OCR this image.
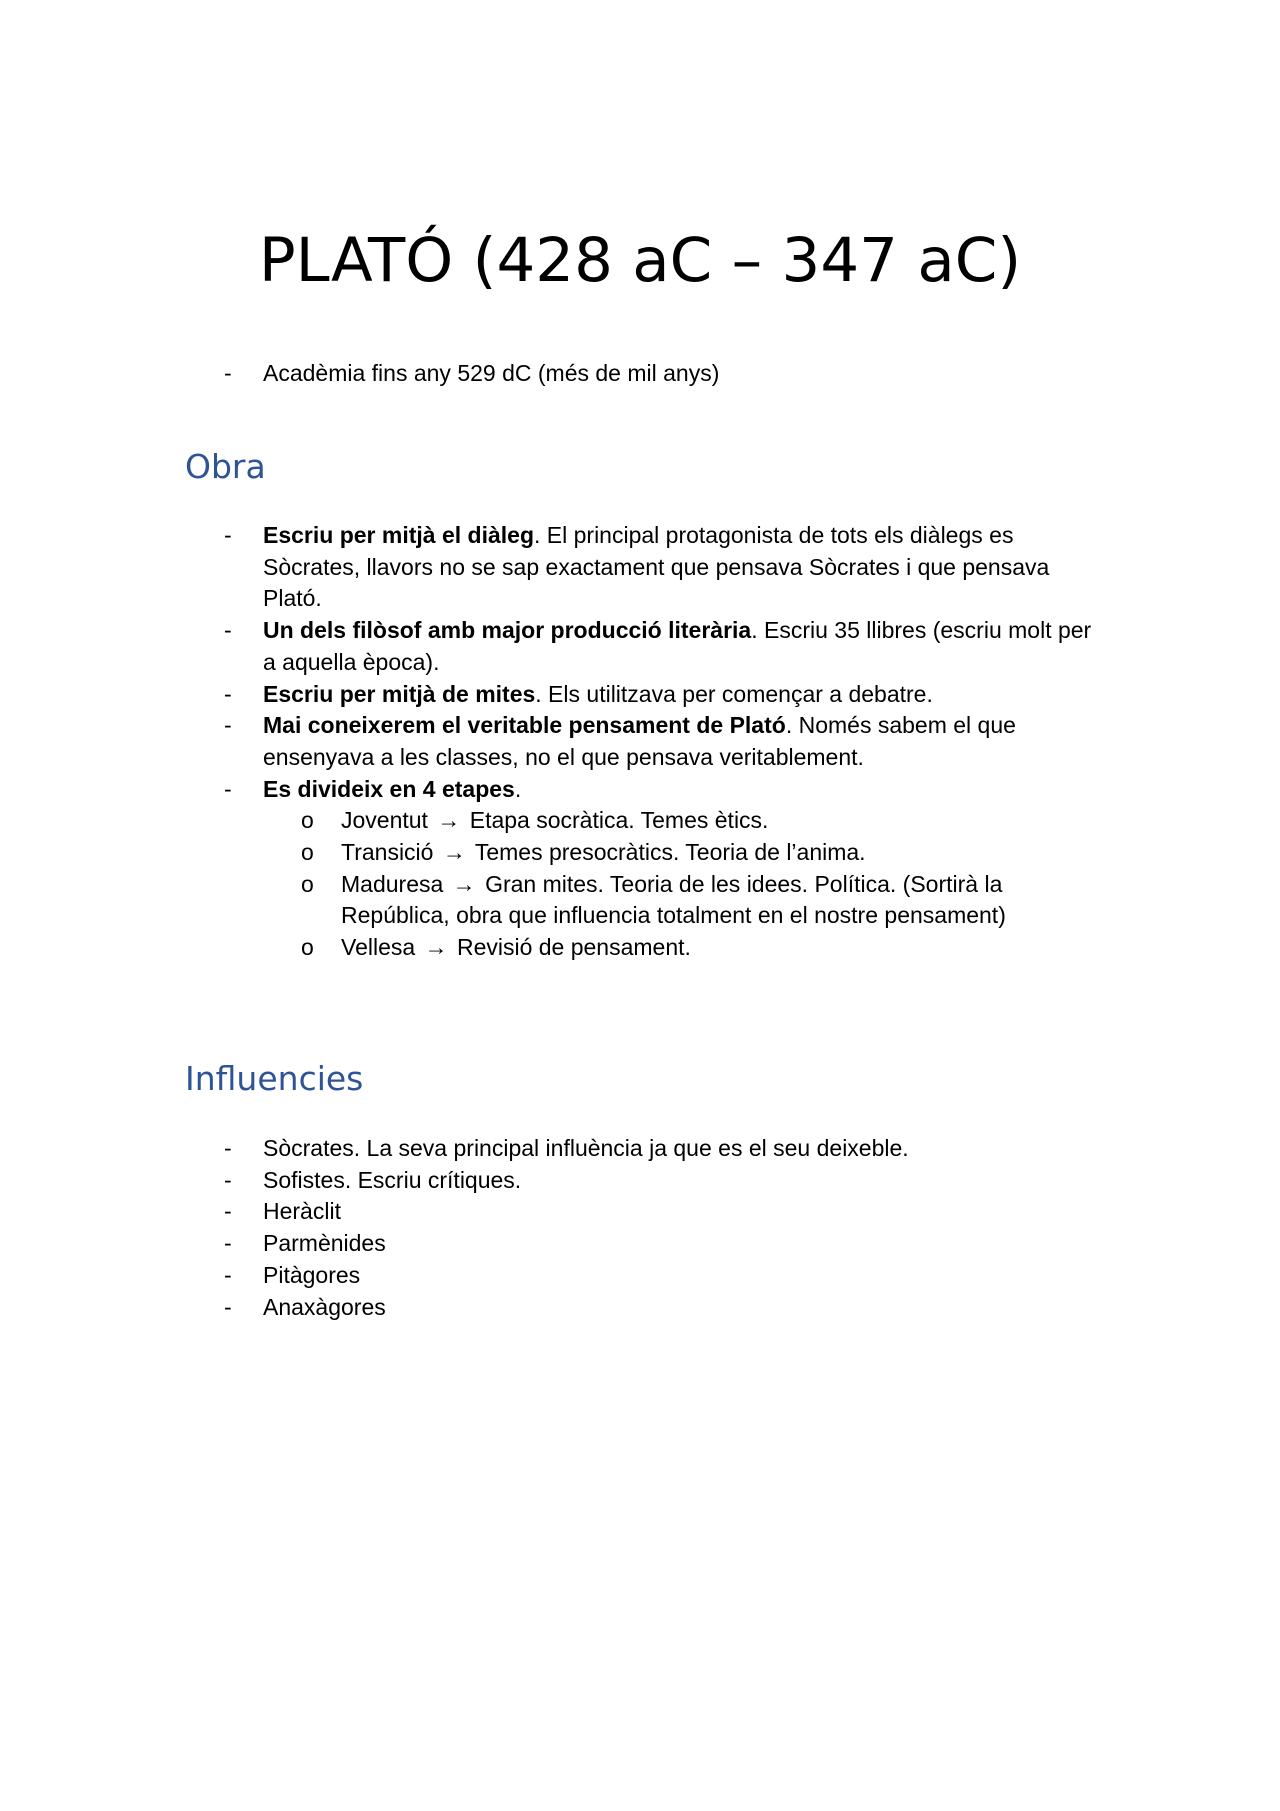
PLATÓ (428 aC – 347 aC)
- Acadèmia fins any 529 dC (més de mil anys)
Obra
- Escriu per mitjà el diàleg. El principal protagonista de tots els diàlegs es Sòcrates, llavors no se sap exactament que pensava Sòcrates i que pensava Plató.
- Un dels filòsof amb major producció literària. Escriu 35 llibres (escriu molt per a aquella època).
- Escriu per mitjà de mites. Els utilitzava per començar a debatre.
- Mai coneixerem el veritable pensament de Plató. Només sabem el que ensenyava a les classes, no el que pensava veritablement.
- Es divideix en 4 etapes.
o Joventut → Etapa socràtica. Temes ètics.
o Transició → Temes presocràtics. Teoria de l’anima.
o Maduresa → Gran mites. Teoria de les idees. Política. (Sortirà la República, obra que influencia totalment en el nostre pensament)
o Vellesa → Revisió de pensament.
Influencies
- Sòcrates. La seva principal influència ja que es el seu deixeble.
- Sofistes. Escriu crítiques.
- Heràclit
- Parmènides
- Pitàgores
- Anaxàgores
